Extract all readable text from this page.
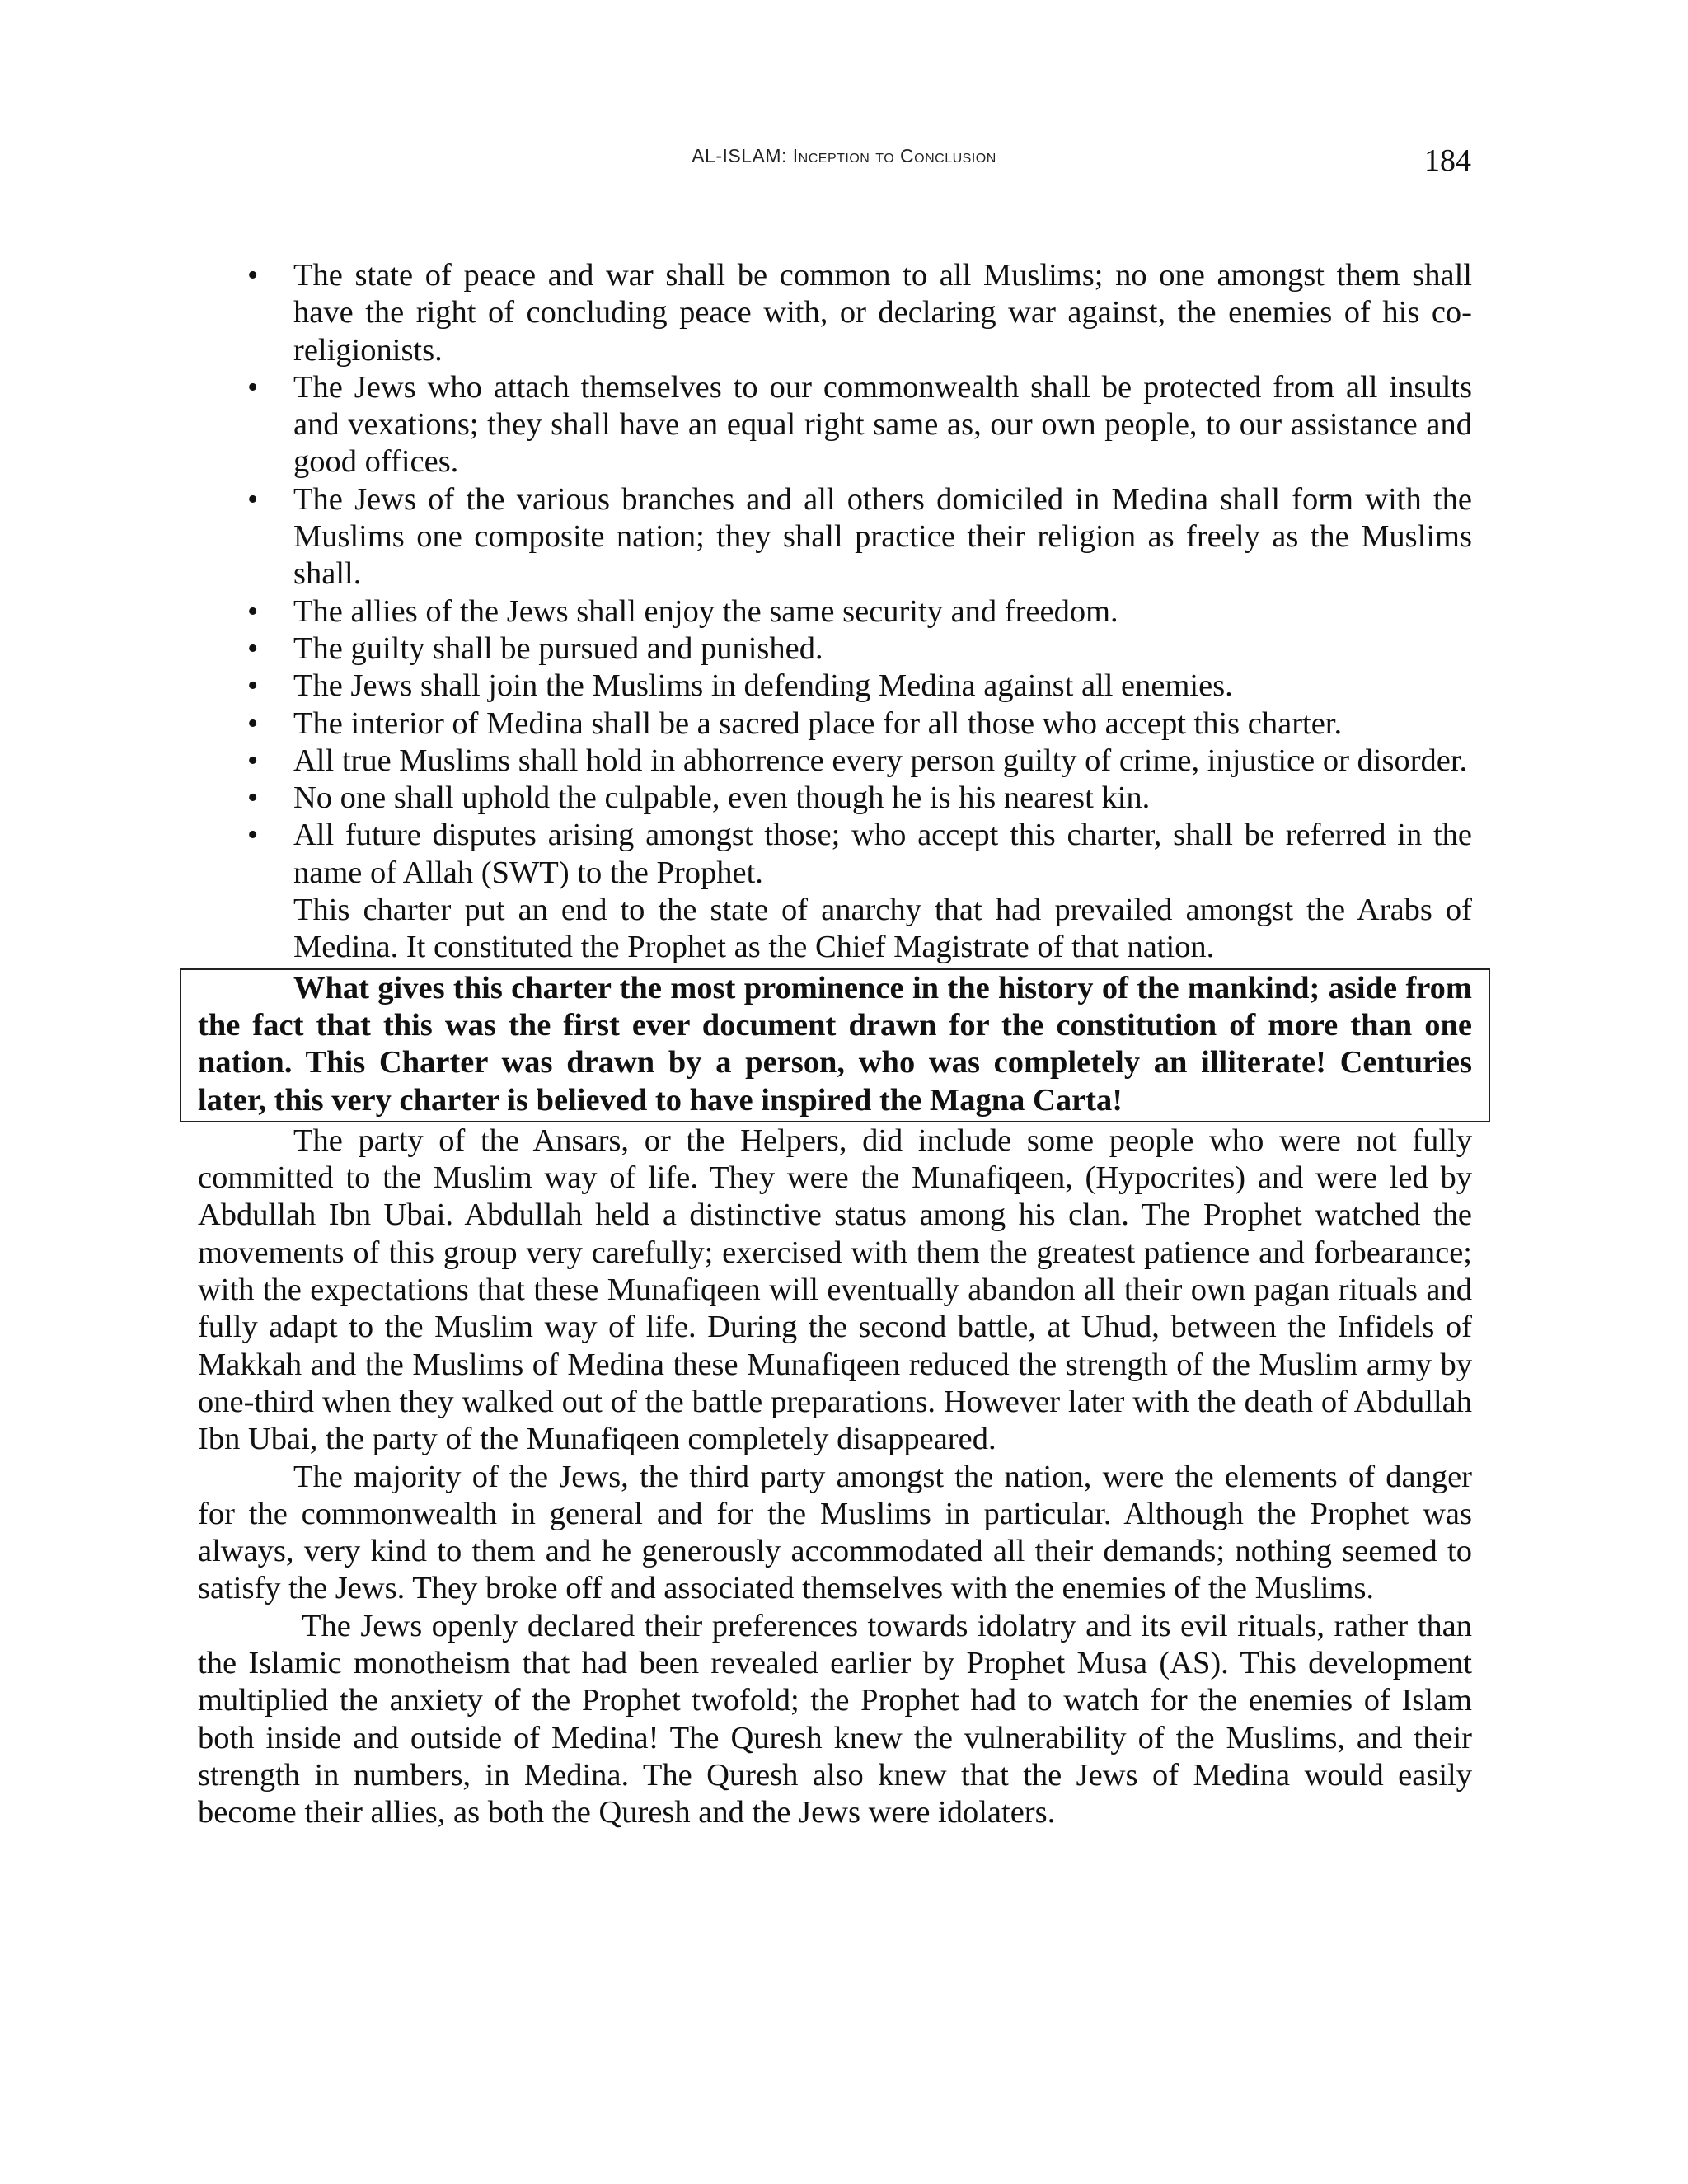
AL-ISLAM: Inception to Conclusion	184
• The state of peace and war shall be common to all Muslims; no one amongst them shall have the right of concluding peace with, or declaring war against, the enemies of his co-religionists.
• The Jews who attach themselves to our commonwealth shall be protected from all insults and vexations; they shall have an equal right same as, our own people, to our assistance and good offices.
• The Jews of the various branches and all others domiciled in Medina shall form with the Muslims one composite nation; they shall practice their religion as freely as the Muslims shall.
• The allies of the Jews shall enjoy the same security and freedom.
• The guilty shall be pursued and punished.
• The Jews shall join the Muslims in defending Medina against all enemies.
• The interior of Medina shall be a sacred place for all those who accept this charter.
• All true Muslims shall hold in abhorrence every person guilty of crime, injustice or disorder.
• No one shall uphold the culpable, even though he is his nearest kin.
• All future disputes arising amongst those; who accept this charter, shall be referred in the name of Allah (SWT) to the Prophet.

This charter put an end to the state of anarchy that had prevailed amongst the Arabs of Medina. It constituted the Prophet as the Chief Magistrate of that nation.

What gives this charter the most prominence in the history of the mankind; aside from the fact that this was the first ever document drawn for the constitution of more than one nation. This Charter was drawn by a person, who was completely an illiterate! Centuries later, this very charter is believed to have inspired the Magna Carta!

The party of the Ansars, or the Helpers, did include some people who were not fully committed to the Muslim way of life. They were the Munafiqeen, (Hypocrites) and were led by Abdullah Ibn Ubai. Abdullah held a distinctive status among his clan. The Prophet watched the movements of this group very carefully; exercised with them the greatest patience and forbearance; with the expectations that these Munafiqeen will eventually abandon all their own pagan rituals and fully adapt to the Muslim way of life. During the second battle, at Uhud, between the Infidels of Makkah and the Muslims of Medina these Munafiqeen reduced the strength of the Muslim army by one-third when they walked out of the battle preparations. However later with the death of Abdullah Ibn Ubai, the party of the Munafiqeen completely disappeared.

The majority of the Jews, the third party amongst the nation, were the elements of danger for the commonwealth in general and for the Muslims in particular. Although the Prophet was always, very kind to them and he generously accommodated all their demands; nothing seemed to satisfy the Jews. They broke off and associated themselves with the enemies of the Muslims.

The Jews openly declared their preferences towards idolatry and its evil rituals, rather than the Islamic monotheism that had been revealed earlier by Prophet Musa (AS). This development multiplied the anxiety of the Prophet twofold; the Prophet had to watch for the enemies of Islam both inside and outside of Medina! The Quresh knew the vulnerability of the Muslims, and their strength in numbers, in Medina. The Quresh also knew that the Jews of Medina would easily become their allies, as both the Quresh and the Jews were idolaters.
